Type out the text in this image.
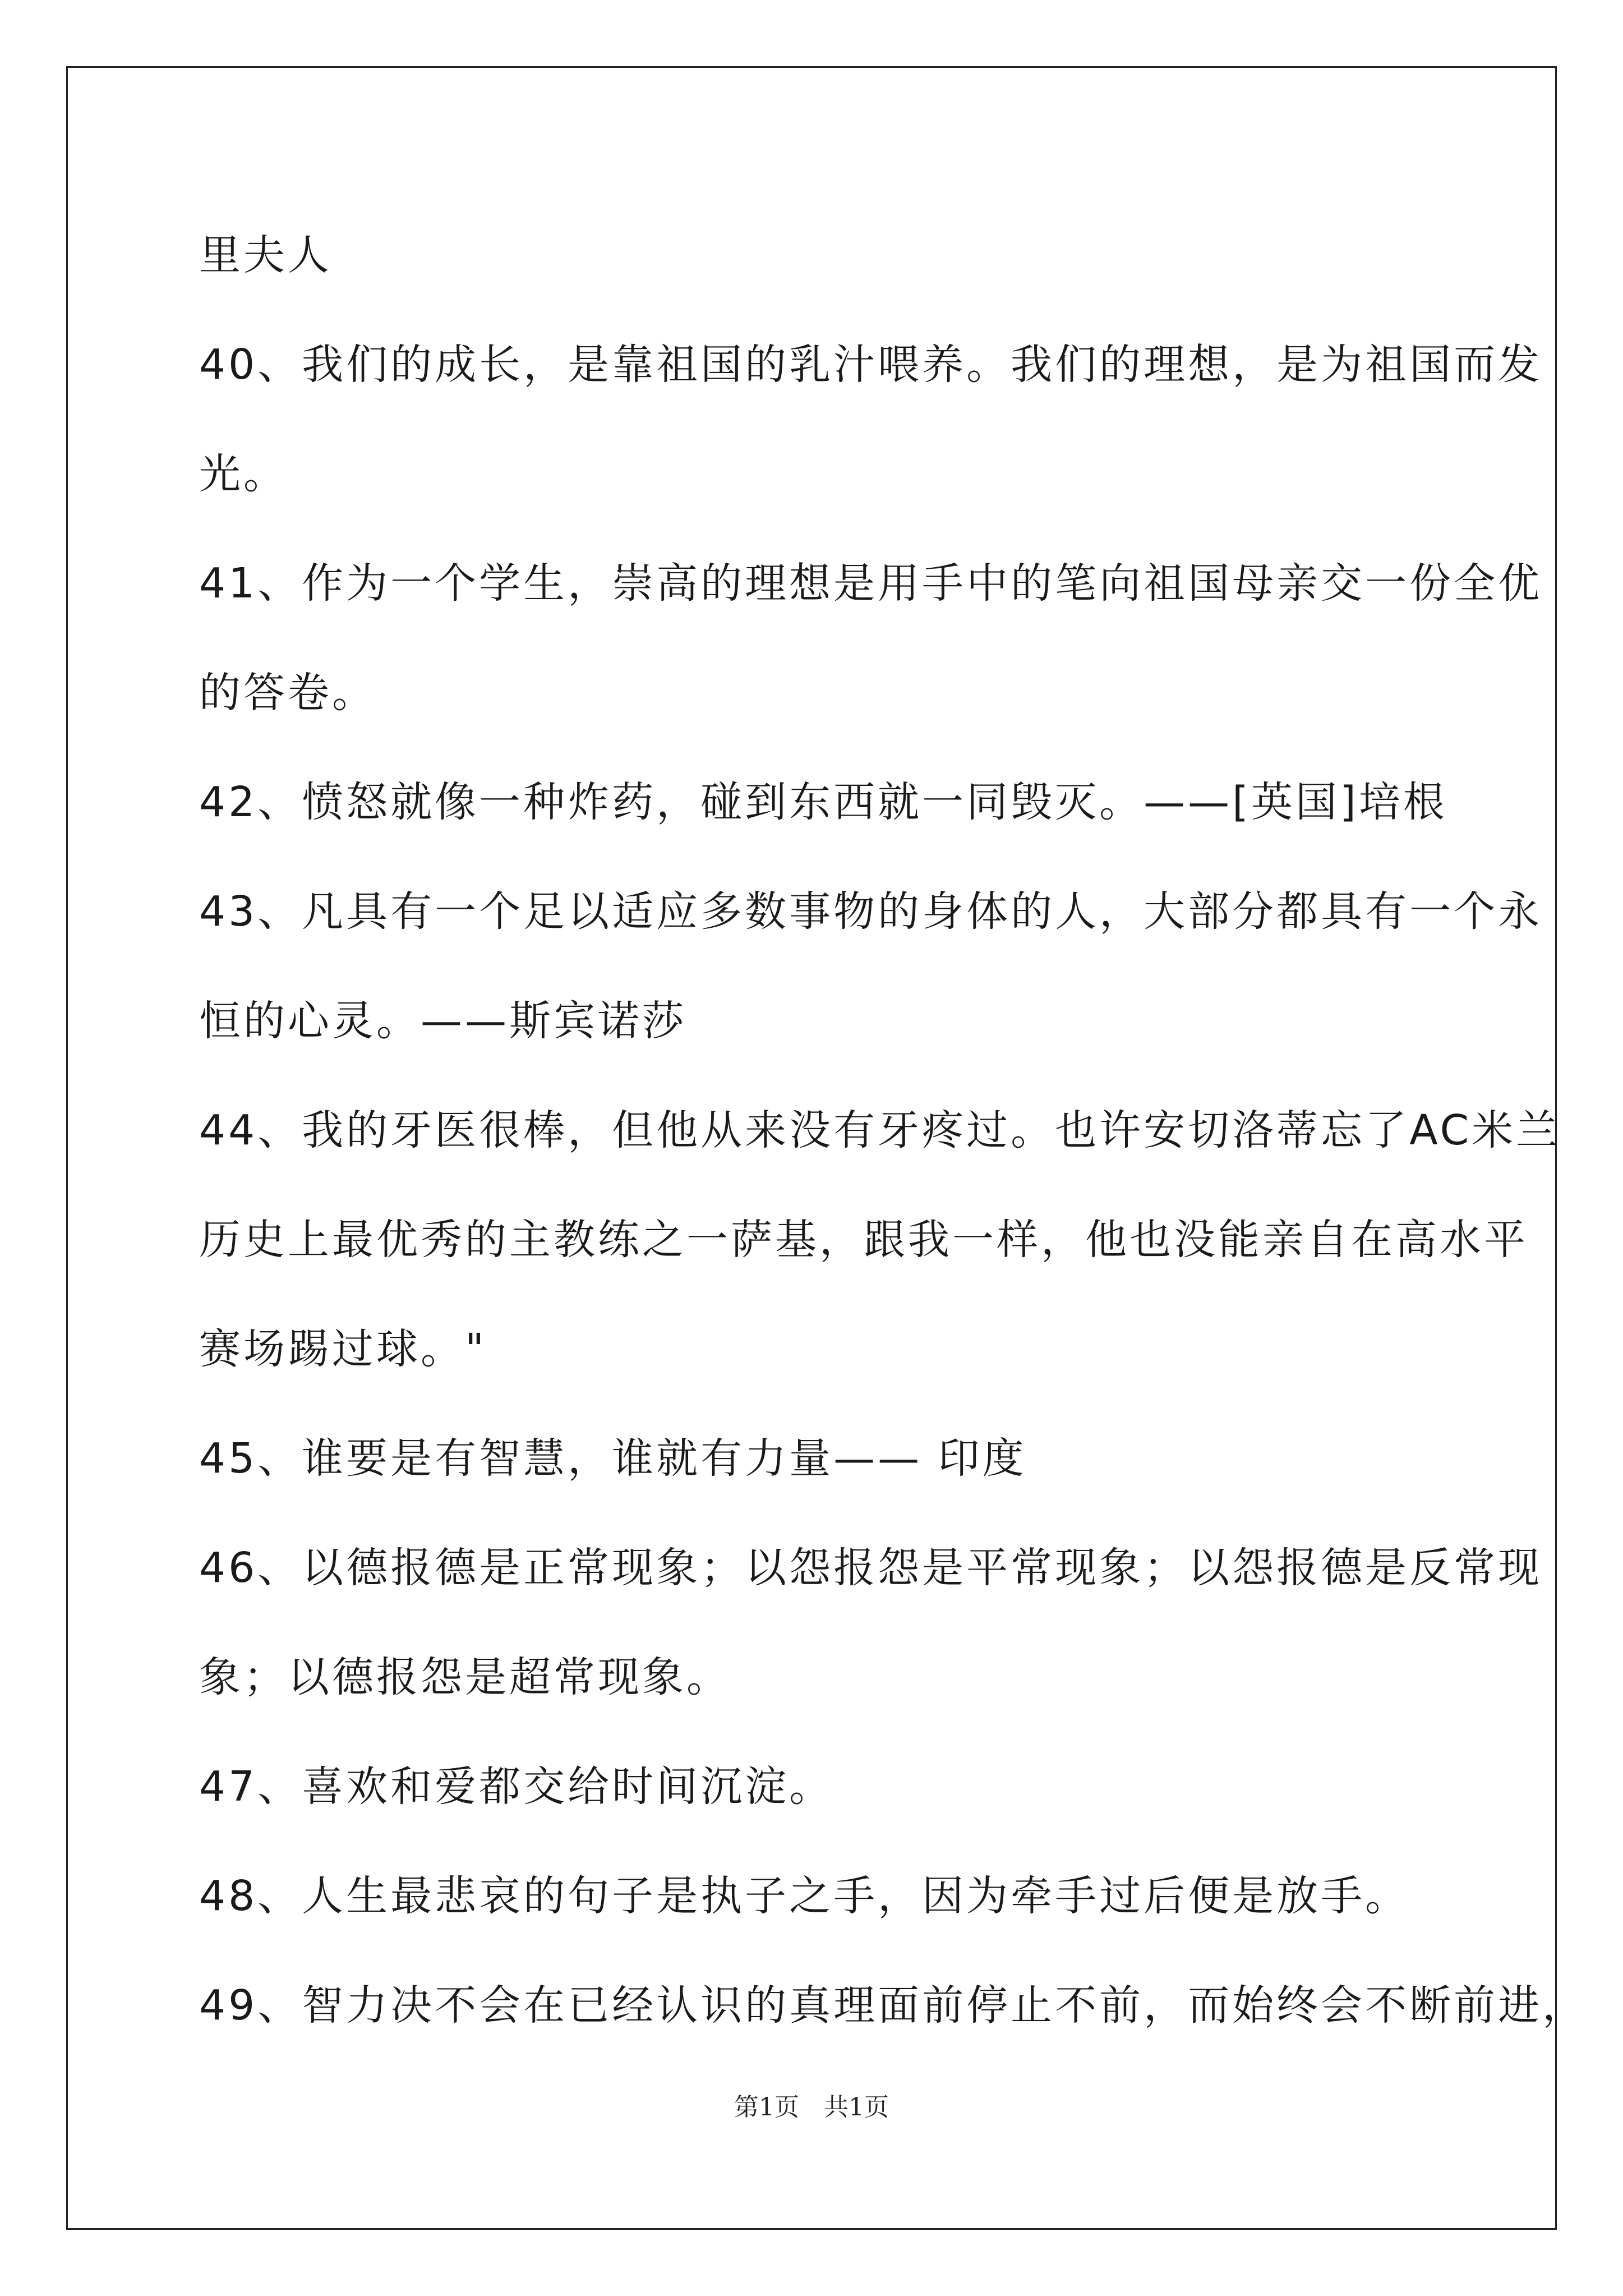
里夫人
40、我们的成长，是靠祖国的乳汁喂养。我们的理想，是为祖国而发
光。
41、作为一个学生，崇高的理想是用手中的笔向祖国母亲交一份全优
的答卷。
42、愤怒就像一种炸药，碰到东西就一同毁灭。——[英国]培根
43、凡具有一个足以适应多数事物的身体的人，大部分都具有一个永
恒的心灵。——斯宾诺莎
44、我的牙医很棒，但他从来没有牙疼过。也许安切洛蒂忘了AC米兰
历史上最优秀的主教练之一萨基，跟我一样，他也没能亲自在高水平
赛场踢过球。"
45、谁要是有智慧，谁就有力量—— 印度
46、以德报德是正常现象；以怨报怨是平常现象；以怨报德是反常现
象；以德报怨是超常现象。
47、喜欢和爱都交给时间沉淀。
48、人生最悲哀的句子是执子之手，因为牵手过后便是放手。
49、智力决不会在已经认识的真理面前停止不前，而始终会不断前进，
第1页　共1页
